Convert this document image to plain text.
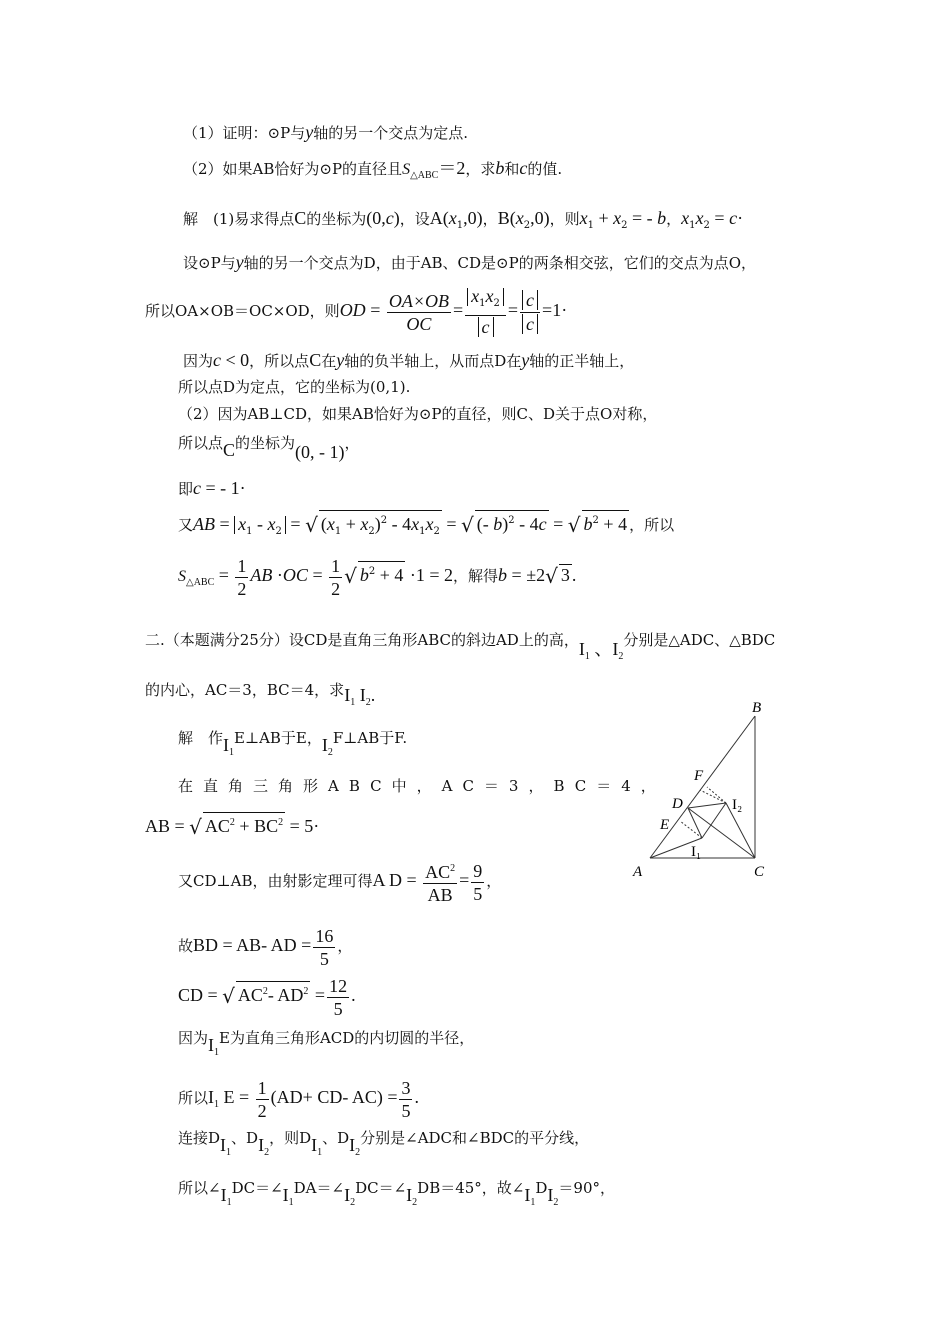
（1）证明：⊙P与y轴的另一个交点为定点.
（2）如果AB恰好为⊙P的直径且$S_{\triangle ABC}=2$，求b和c的值.
解　(1)易求得点C的坐标为(0,c)，设$A(x_1,0)$，$B(x_2,0)$，则$x_1 + x_2$ = - b，$x_1x_2 = c\cdot$
设⊙P与y轴的另一个交点为D，由于AB、CD是⊙P的两条相交弦，它们的交点为点O，
所以OA×OB＝OC×OD，则OD = $\frac{OA\times OB}{OC} = \frac{x_1x_2}{c} = \frac{c}{c} =1\cdot$
因为c < 0，所以点C在y轴的负半轴上，从而点D在y轴的正半轴上，
所以点D为定点，它的坐标为(0,1).
（2）因为AB⊥CD，如果AB恰好为⊙P的直径，则C、D关于点O对称，
所以点C的坐标为(0, - 1)，
即c = - 1·
又AB = $x_1 - x_2$ = √ $(x_1 + x_2)^2 - 4x_1x_2$ = √ (- b)$^2$ - 4c = √ $b^2 + 4$ ，所以
$S_{\triangle ABC} = \frac{1}{2}$ AB $\cdot OC = \frac{1}{2}$ √ $b^2 + 4 \cdot 1 = 2$，解得b = ±2√ 3 .
二.（本题满分25分）设CD是直角三角形ABC的斜边AD上的高，$I_1$ 、$I_2$分别是△ADC、△BDC
的内心，AC＝3，BC＝4，求$I_1$ $I_2$.
解　作$I_1E\perp AB$于E，$I_2F\perp AB$于F.
在直角三角形ABC中，AC＝3，BC＝4，
AB = √ $AC^2 + BC^2 = 5\cdot$
又CD⊥AB，由射影定理可得A $D = \frac{AC^2}{AB} = \frac{9}{5}$ ，
故BD = AB- AD = $\frac{16}{5}$ ，
CD = √ $AC^2-$ $AD^2 = \frac{12}{5}$ .
因为$I_1E$为直角三角形ACD的内切圆的半径，
所以$I_1$ $E = \frac{1}{2} (AD+ CD-$ $AC) = \frac{3}{5}$ .
连接$DI_1$、$DI_2$，则$DI_1$、$DI_2$分别是∠ADC和∠BDC的平分线，
所以$\angle I_1DC=\angle I_1DA=\angle I_2DC=\angle I_2DB=45^\circ$，故$\angle I_1DI_2=90^\circ$，
B
F
D	I₂
E
I₁
A	C
